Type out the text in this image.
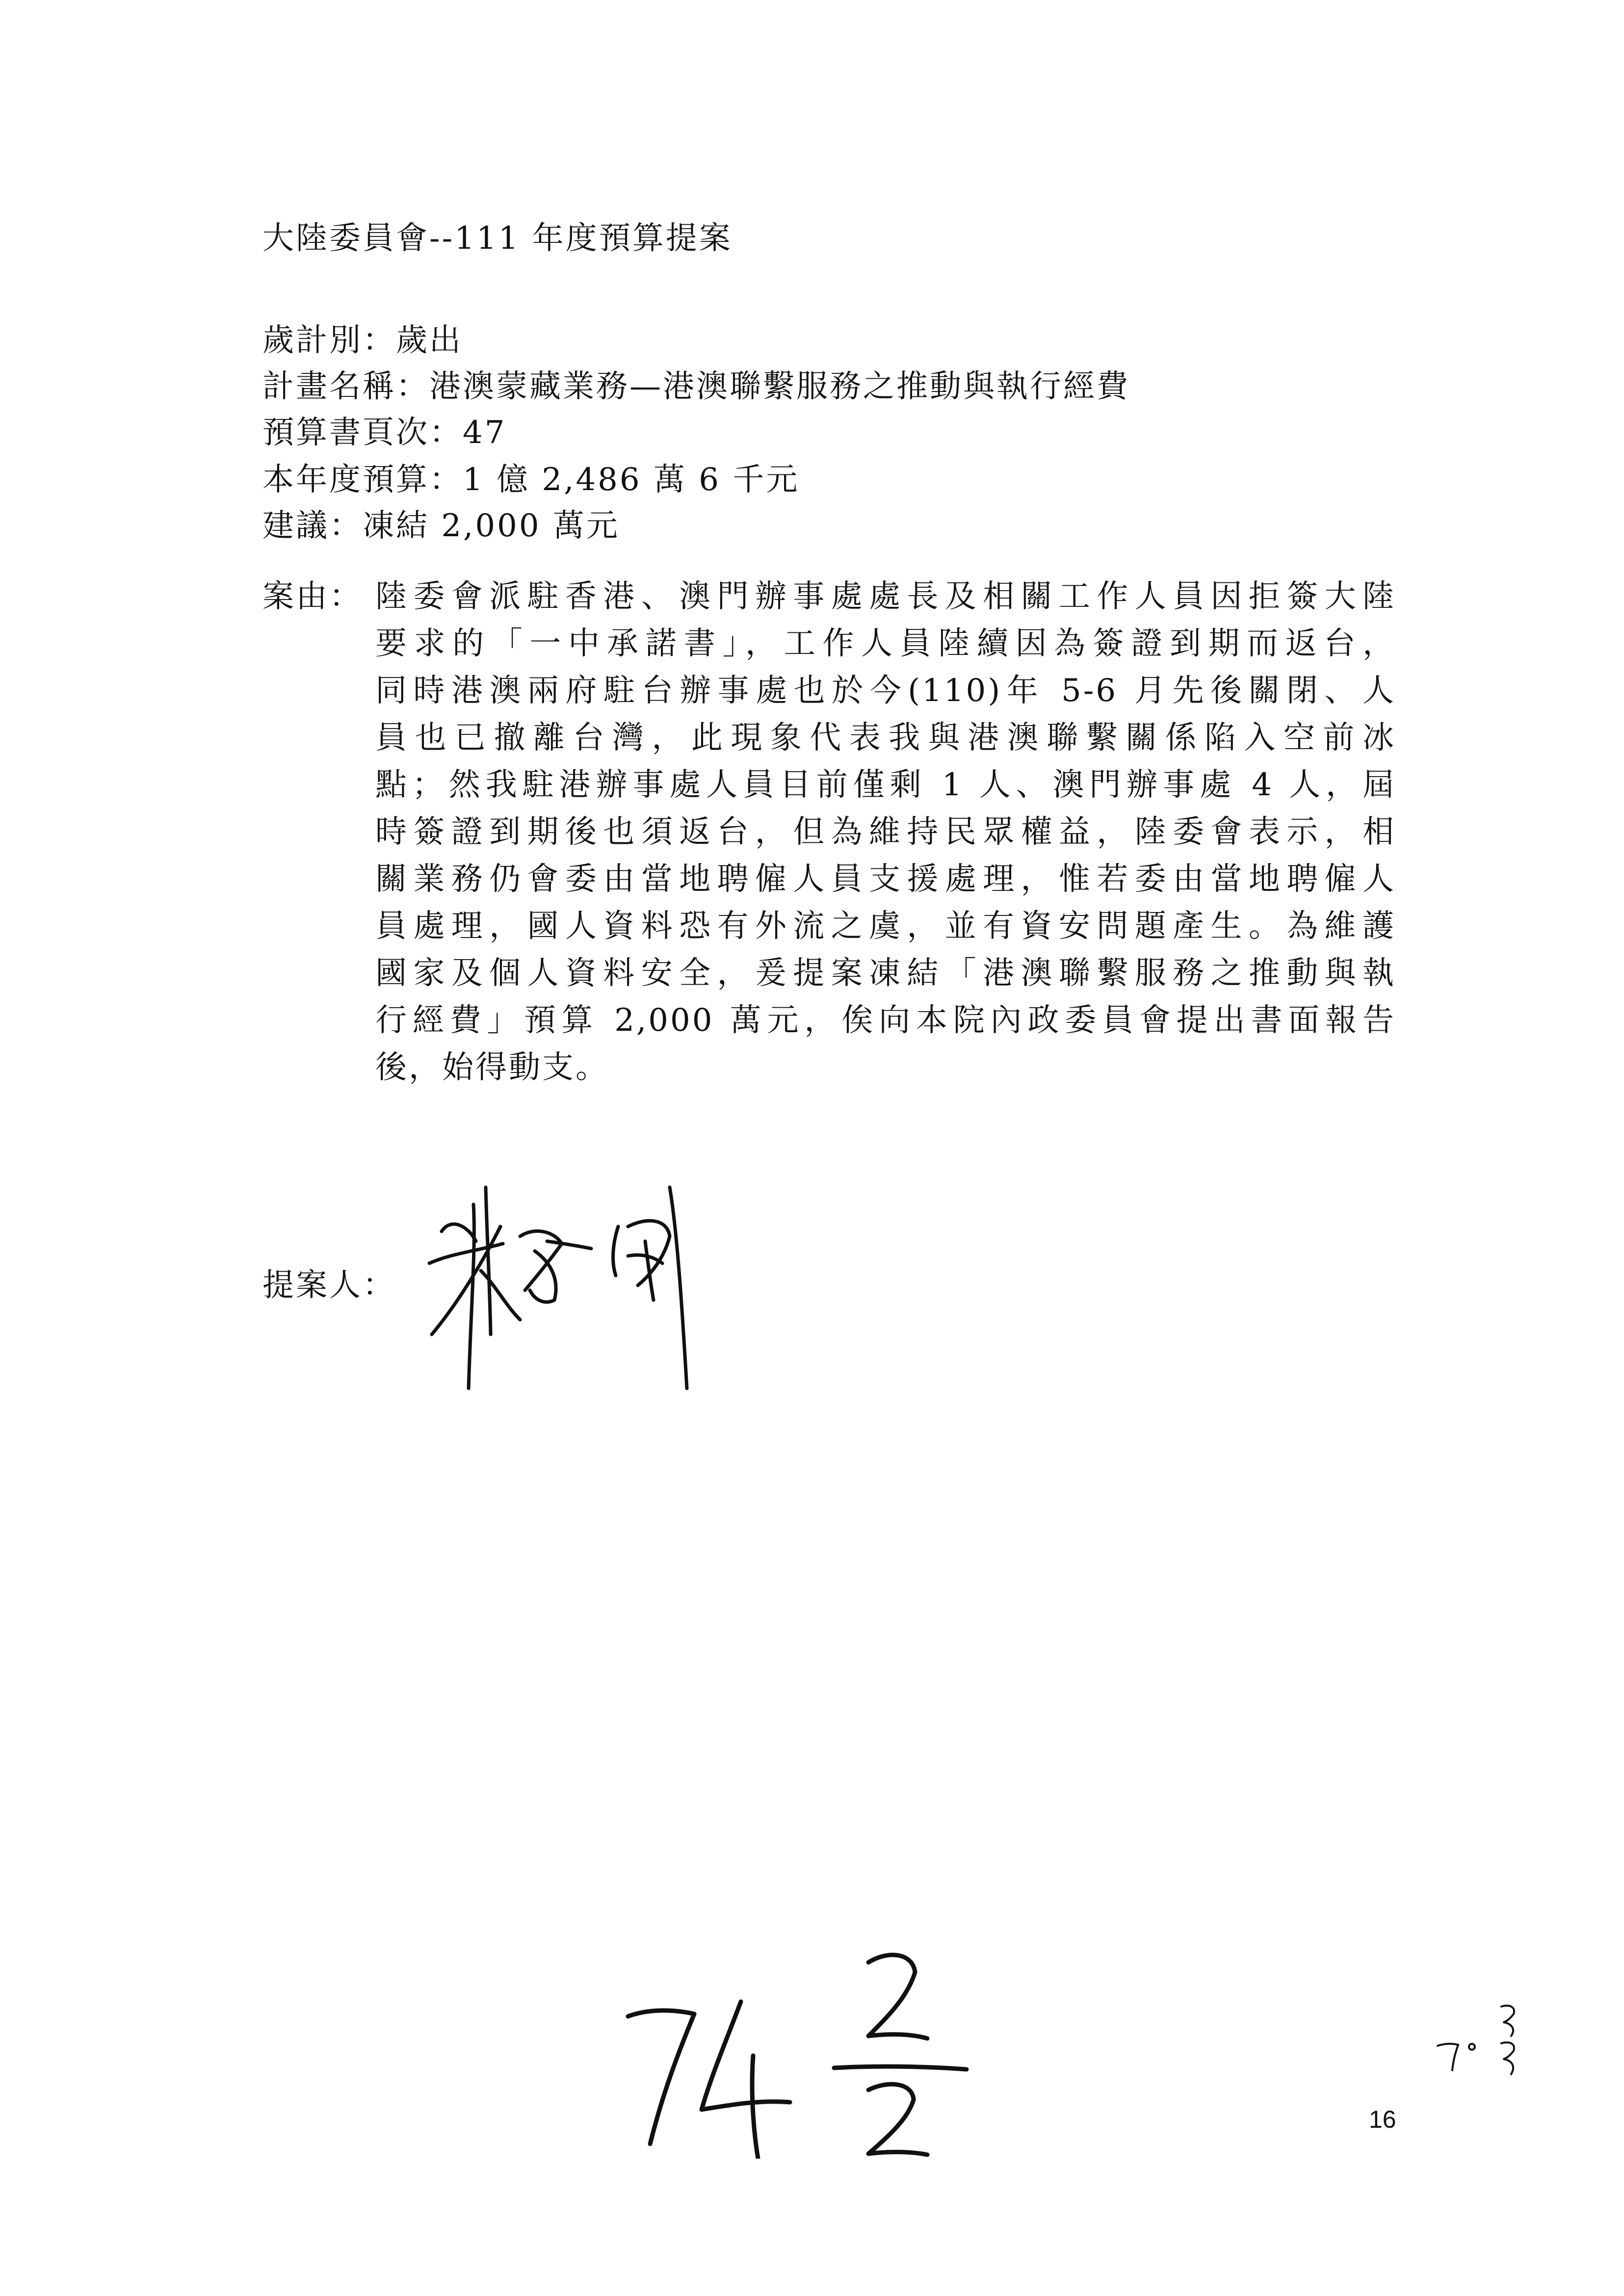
大陸委員會--111 年度預算提案
歲計別：歲出
計畫名稱：港澳蒙藏業務—港澳聯繫服務之推動與執行經費
預算書頁次：47
本年度預算：1 億 2,486 萬 6 千元
建議：凍結 2,000 萬元
案由： 陸委會派駐香港、澳門辦事處處長及相關工作人員因拒簽大陸
要求的「一中承諾書」，工作人員陸續因為簽證到期而返台，
同時港澳兩府駐台辦事處也於今(110)年 5-6 月先後關閉、人
員也已撤離台灣，此現象代表我與港澳聯繫關係陷入空前冰
點；然我駐港辦事處人員目前僅剩 1 人、澳門辦事處 4 人，屆
時簽證到期後也須返台，但為維持民眾權益，陸委會表示，相
關業務仍會委由當地聘僱人員支援處理，惟若委由當地聘僱人
員處理，國人資料恐有外流之虞，並有資安問題產生。為維護
國家及個人資料安全，爰提案凍結「港澳聯繫服務之推動與執
行經費」預算 2,000 萬元，俟向本院內政委員會提出書面報告
後，始得動支。
提案人：
16
